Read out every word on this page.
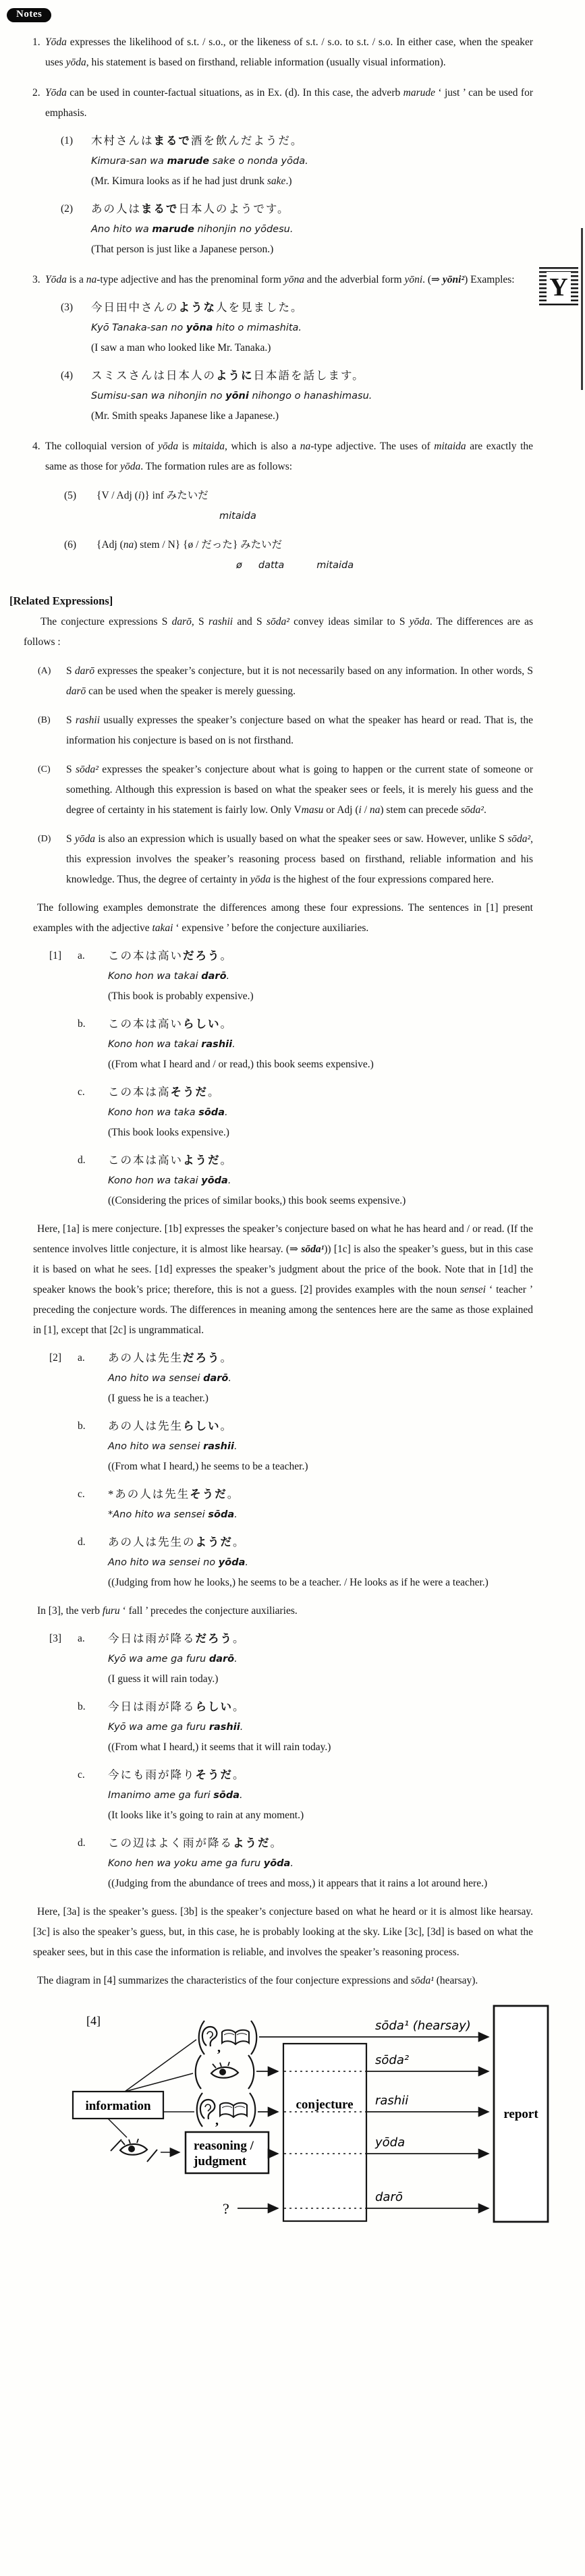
Notes
1. Yōda expresses the likelihood of s.t. / s.o., or the likeness of s.t. / s.o. to s.t. / s.o. In either case, when the speaker uses yōda, his statement is based on firsthand, reliable information (usually visual information).
2. Yōda can be used in counter-factual situations, as in Ex. (d). In this case, the adverb marude ‘ just ’ can be used for emphasis.
(1)	木村さんはまるで酒を飲んだようだ。
Kimura-san wa marude sake o nonda yōda.
(Mr. Kimura looks as if he had just drunk sake.)
(2)	あの人はまるで日本人のようです。
Ano hito wa marude nihonjin no yōdesu.
(That person is just like a Japanese person.)
3. Yōda is a na-type adjective and has the prenominal form yōna and the adverbial form yōni. (⇒ yōni²) Examples:
(3)	今日田中さんのような人を見ました。
Kyō Tanaka-san no yōna hito o mimashita.
(I saw a man who looked like Mr. Tanaka.)
(4)	スミスさんは日本人のように日本語を話します。
Sumisu-san wa nihonjin no yōni nihongo o hanashimasu.
(Mr. Smith speaks Japanese like a Japanese.)
4. The colloquial version of yōda is mitaida, which is also a na-type adjective. The uses of mitaida are exactly the same as those for yōda. The formation rules are as follows:
(5)	{V / Adj (i)} inf みたいだ
mitaida
(6)	{Adj (na) stem / N} {ø / だった} みたいだ
ø datta	mitaida
[Related Expressions]
The conjecture expressions S darō, S rashii and S sōda² convey ideas similar to S yōda. The differences are as follows :
(A) S darō expresses the speaker’s conjecture, but it is not necessarily based on any information. In other words, S darō can be used when the speaker is merely guessing.
(B) S rashii usually expresses the speaker’s conjecture based on what the speaker has heard or read. That is, the information his conjecture is based on is not firsthand.
(C) S sōda² expresses the speaker’s conjecture about what is going to happen or the current state of someone or something. Although this expression is based on what the speaker sees or feels, it is merely his guess and the degree of certainty in his statement is fairly low. Only Vmasu or Adj (i / na) stem can precede sōda².
(D) S yōda is also an expression which is usually based on what the speaker sees or saw. However, unlike S sōda², this expression involves the speaker’s reasoning process based on firsthand, reliable information and his knowledge. Thus, the degree of certainty in yōda is the highest of the four expressions compared here.
The following examples demonstrate the differences among these four expressions. The sentences in [1] present examples with the adjective takai ‘ expensive ’ before the conjecture auxiliaries.
[1]	a.	この本は高いだろう。
Kono hon wa takai darō.
(This book is probably expensive.)
b.	この本は高いらしい。
Kono hon wa takai rashii.
((From what I heard and / or read,) this book seems expensive.)
c.	この本は高そうだ。
Kono hon wa taka sōda.
(This book looks expensive.)
d.	この本は高いようだ。
Kono hon wa takai yōda.
((Considering the prices of similar books,) this book seems expensive.)
Here, [1a] is mere conjecture. [1b] expresses the speaker’s conjecture based on what he has heard and / or read. (If the sentence involves little conjecture, it is almost like hearsay. (⇒ sōda¹)) [1c] is also the speaker’s guess, but in this case it is based on what he sees. [1d] expresses the speaker’s judgment about the price of the book. Note that in [1d] the speaker knows the book’s price; therefore, this is not a guess. [2] provides examples with the noun sensei ‘ teacher ’ preceding the conjecture words. The differences in meaning among the sentences here are the same as those explained in [1], except that [2c] is ungrammatical.
[2]	a.	あの人は先生だろう。
Ano hito wa sensei darō.
(I guess he is a teacher.)
b.	あの人は先生らしい。
Ano hito wa sensei rashii.
((From what I heard,) he seems to be a teacher.)
c.	*あの人は先生そうだ。
*Ano hito wa sensei sōda.
d.	あの人は先生のようだ。
Ano hito wa sensei no yōda.
((Judging from how he looks,) he seems to be a teacher. / He looks as if he were a teacher.)
In [3], the verb furu ‘ fall ’ precedes the conjecture auxiliaries.
[3]	a.	今日は雨が降るだろう。
Kyō wa ame ga furu darō.
(I guess it will rain today.)
b.	今日は雨が降るらしい。
Kyō wa ame ga furu rashii.
((From what I heard,) it seems that it will rain today.)
c.	今にも雨が降りそうだ。
Imanimo ame ga furi sōda.
(It looks like it’s going to rain at any moment.)
d.	この辺はよく雨が降るようだ。
Kono hen wa yoku ame ga furu yōda.
((Judging from the abundance of trees and moss,) it appears that it rains a lot around here.)
Here, [3a] is the speaker’s guess. [3b] is the speaker’s conjecture based on what he heard or it is almost like hearsay. [3c] is also the speaker’s guess, but, in this case, he is probably looking at the sky. Like [3c], [3d] is based on what the speaker sees, but in this case the information is reliable, and involves the speaker’s reasoning process.
The diagram in [4] summarizes the characteristics of the four conjecture expressions and sōda¹ (hearsay).
[4]	sōda¹ (hearsay)
sōda²
rashii
yōda
darō
information
reasoning /
judgment
conjecture
report
,
,
?
Y
